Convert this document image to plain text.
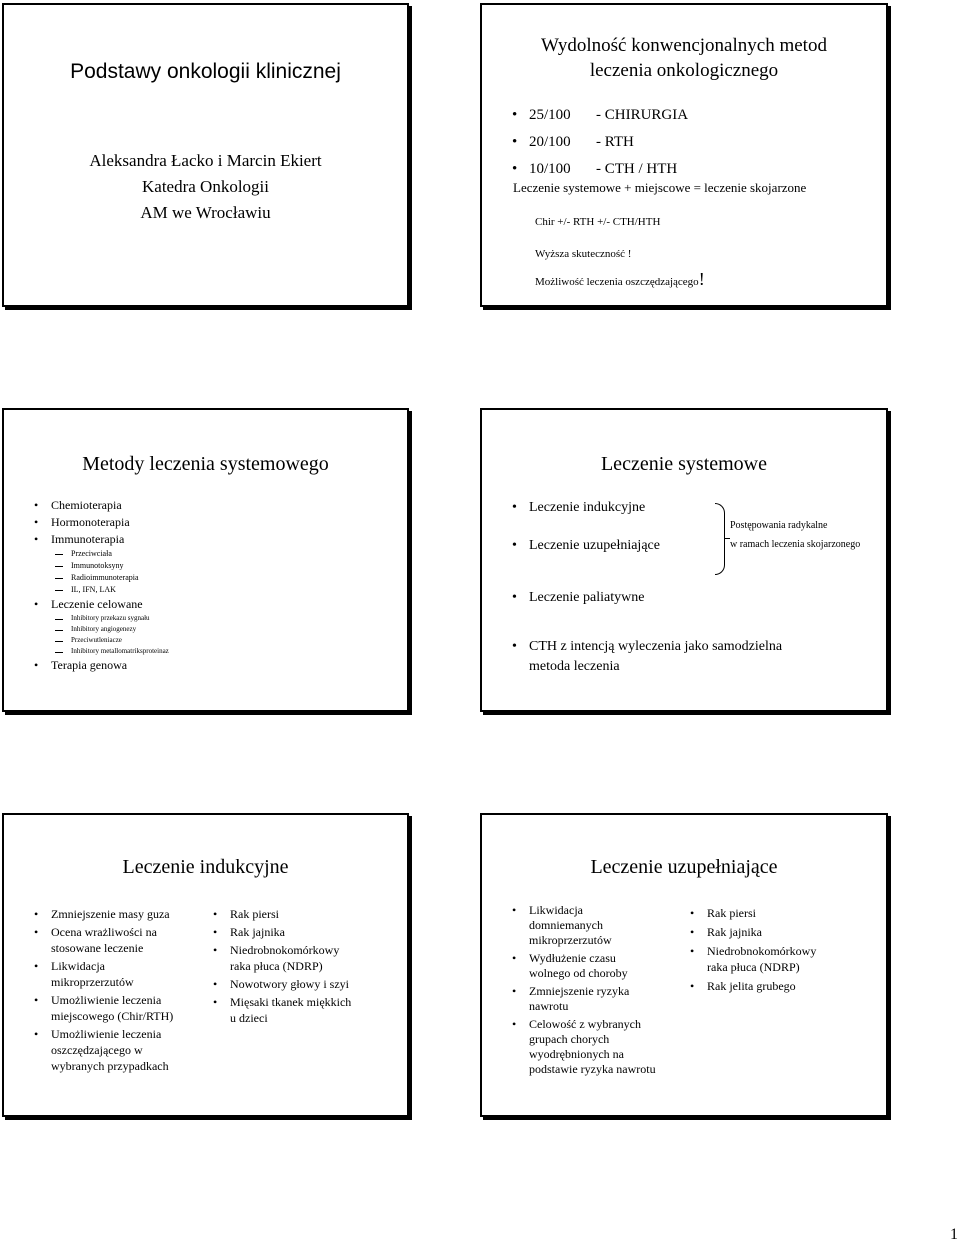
Podstawy onkologii klinicznej
Aleksandra Łacko i Marcin Ekiert
Katedra Onkologii
AM we Wrocławiu
Wydolność konwencjonalnych metod
leczenia onkologicznego
• 25/100 - CHIRURGIA
• 20/100 - RTH
• 10/100 - CTH / HTH
Leczenie systemowe + miejscowe = leczenie skojarzone
Chir +/- RTH +/- CTH/HTH
Wyższa skuteczność !
Możliwość leczenia oszczędzającego!
Metody leczenia systemowego
• Chemioterapia
• Hormonoterapia
• Immunoterapia
Przeciwciała
Immunotoksyny
Radioimmunoterapia
IL, IFN, LAK
• Leczenie celowane
Inhibitory przekazu sygnału
Inhibitory angiogenezy
Przeciwutleniacze
Inhibitory metallomatriksproteinaz
• Terapia genowa
Leczenie systemowe
• Leczenie indukcyjne
• Leczenie uzupełniające
• Leczenie paliatywne
• CTH z intencją wyleczenia jako samodzielna
metoda leczenia
Postępowania radykalne
w ramach leczenia skojarzonego
Leczenie indukcyjne
• Zmniejszenie masy guza
• Ocena wrażliwości na
stosowane leczenie
• Likwidacja
mikroprzerzutów
• Umożliwienie leczenia
miejscowego (Chir/RTH)
• Umożliwienie leczenia
oszczędzającego w
wybranych przypadkach
• Rak piersi
• Rak jajnika
• Niedrobnokomórkowy
raka płuca (NDRP)
• Nowotwory głowy i szyi
• Mięsaki tkanek miękkich
u dzieci
Leczenie uzupełniające
• Likwidacja
domniemanych
mikroprzerzutów
• Wydłużenie czasu
wolnego od choroby
• Zmniejszenie ryzyka
nawrotu
• Celowość z wybranych
grupach chorych
wyodrębnionych na
podstawie ryzyka nawrotu
• Rak piersi
• Rak jajnika
• Niedrobnokomórkowy
raka płuca (NDRP)
• Rak jelita grubego
1
